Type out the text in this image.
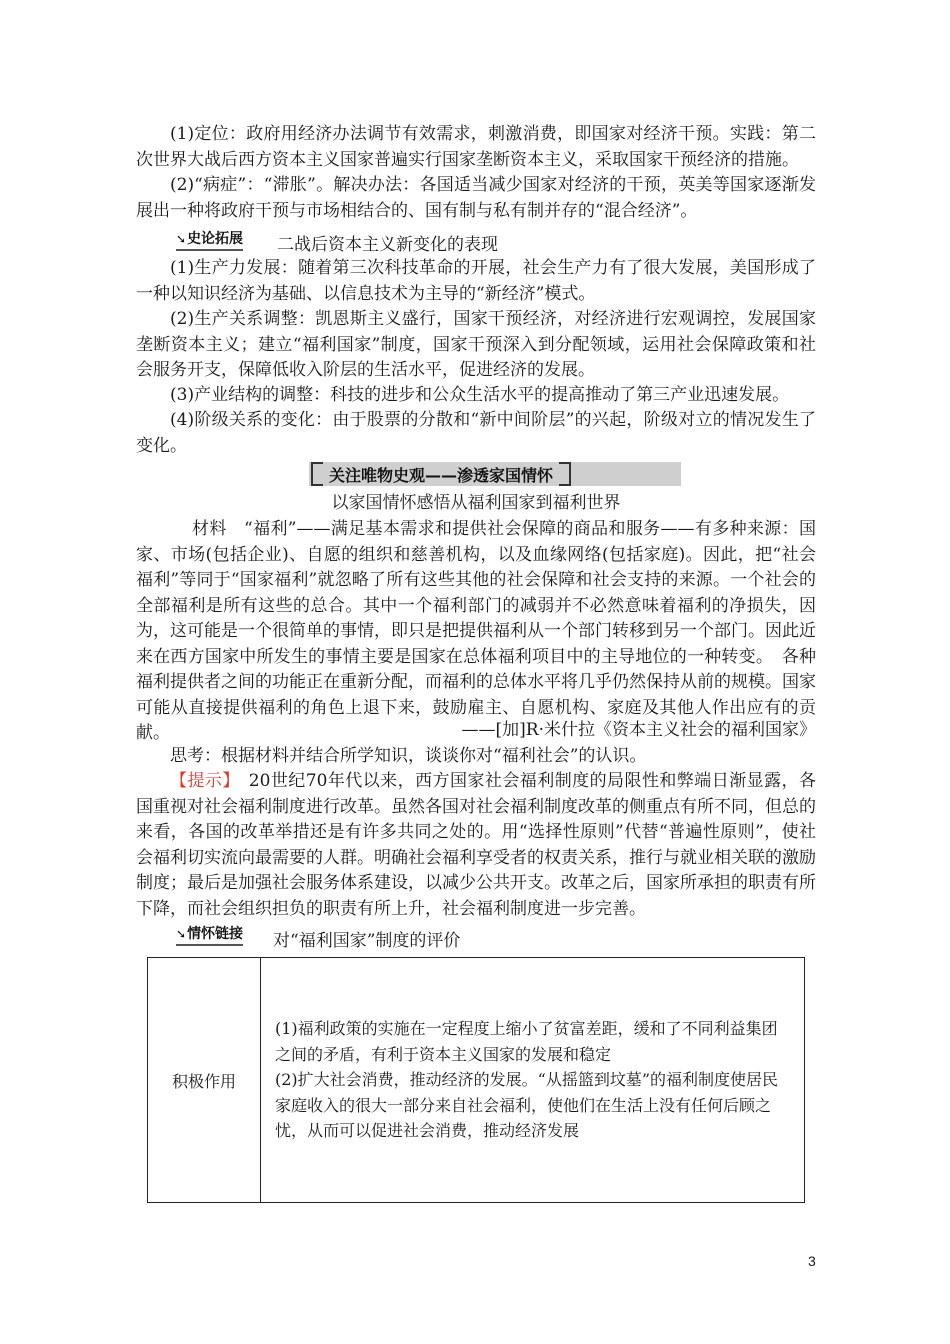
(1)定位：政府用经济办法调节有效需求，刺激消费，即国家对经济干预。实践：第二次世界大战后西方资本主义国家普遍实行国家垄断资本主义，采取国家干预经济的措施。

(2)“病症”：“滞胀”。解决办法：各国适当减少国家对经济的干预，英美等国家逐渐发展出一种将政府干预与市场相结合的、国有制与私有制并存的“混合经济”。

➘ 史论拓展 二战后资本主义新变化的表现

(1)生产力发展：随着第三次科技革命的开展，社会生产力有了很大发展，美国形成了一种以知识经济为基础、以信息技术为主导的“新经济”模式。

(2)生产关系调整：凯恩斯主义盛行，国家干预经济，对经济进行宏观调控，发展国家垄断资本主义；建立“福利国家”制度，国家干预深入到分配领域，运用社会保障政策和社会服务开支，保障低收入阶层的生活水平，促进经济的发展。

(3)产业结构的调整：科技的进步和公众生活水平的提高推动了第三产业迅速发展。

(4)阶级关系的变化：由于股票的分散和“新中间阶层”的兴起，阶级对立的情况发生了变化。

关注唯物史观——渗透家国情怀
以家国情怀感悟从福利国家到福利世界

材料　“福利”——满足基本需求和提供社会保障的商品和服务——有多种来源：国家、市场(包括企业)、自愿的组织和慈善机构，以及血缘网络(包括家庭)。因此，把“社会福利”等同于“国家福利”就忽略了所有这些其他的社会保障和社会支持的来源。一个社会的全部福利是所有这些的总合。其中一个福利部门的减弱并不必然意味着福利的净损失，因为，这可能是一个很简单的事情，即只是把提供福利从一个部门转移到另一个部门。因此近来在西方国家中所发生的事情主要是国家在总体福利项目中的主导地位的一种转变。　各种福利提供者之间的功能正在重新分配，而福利的总体水平将几乎仍然保持从前的规模。国家可能从直接提供福利的角色上退下来，鼓励雇主、自愿机构、家庭及其他人作出应有的贡献。	——[加]R·米什拉《资本主义社会的福利国家》

思考：根据材料并结合所学知识，谈谈你对“福利社会”的认识。

【提示】　20世纪70年代以来，西方国家社会福利制度的局限性和弊端日渐显露，各国重视对社会福利制度进行改革。虽然各国对社会福利制度改革的侧重点有所不同，但总的来看，各国的改革举措还是有许多共同之处的。用“选择性原则”代替“普遍性原则”，使社会福利切实流向最需要的人群。明确社会福利享受者的权责关系，推行与就业相关联的激励制度；最后是加强社会服务体系建设，以减少公共开支。改革之后，国家所承担的职责有所下降，而社会组织担负的职责有所上升，社会福利制度进一步完善。

➘ 情怀链接 对“福利国家”制度的评价
积极作用	
(1)福利政策的实施在一定程度上缩小了贫富差距，缓和了不同利益集团之间的矛盾，有利于资本主义国家的发展和稳定
(2)扩大社会消费，推动经济的发展。“从摇篮到坟墓”的福利制度使居民家庭收入的很大一部分来自社会福利，使他们在生活上没有任何后顾之忧，从而可以促进社会消费，推动经济发展
3
